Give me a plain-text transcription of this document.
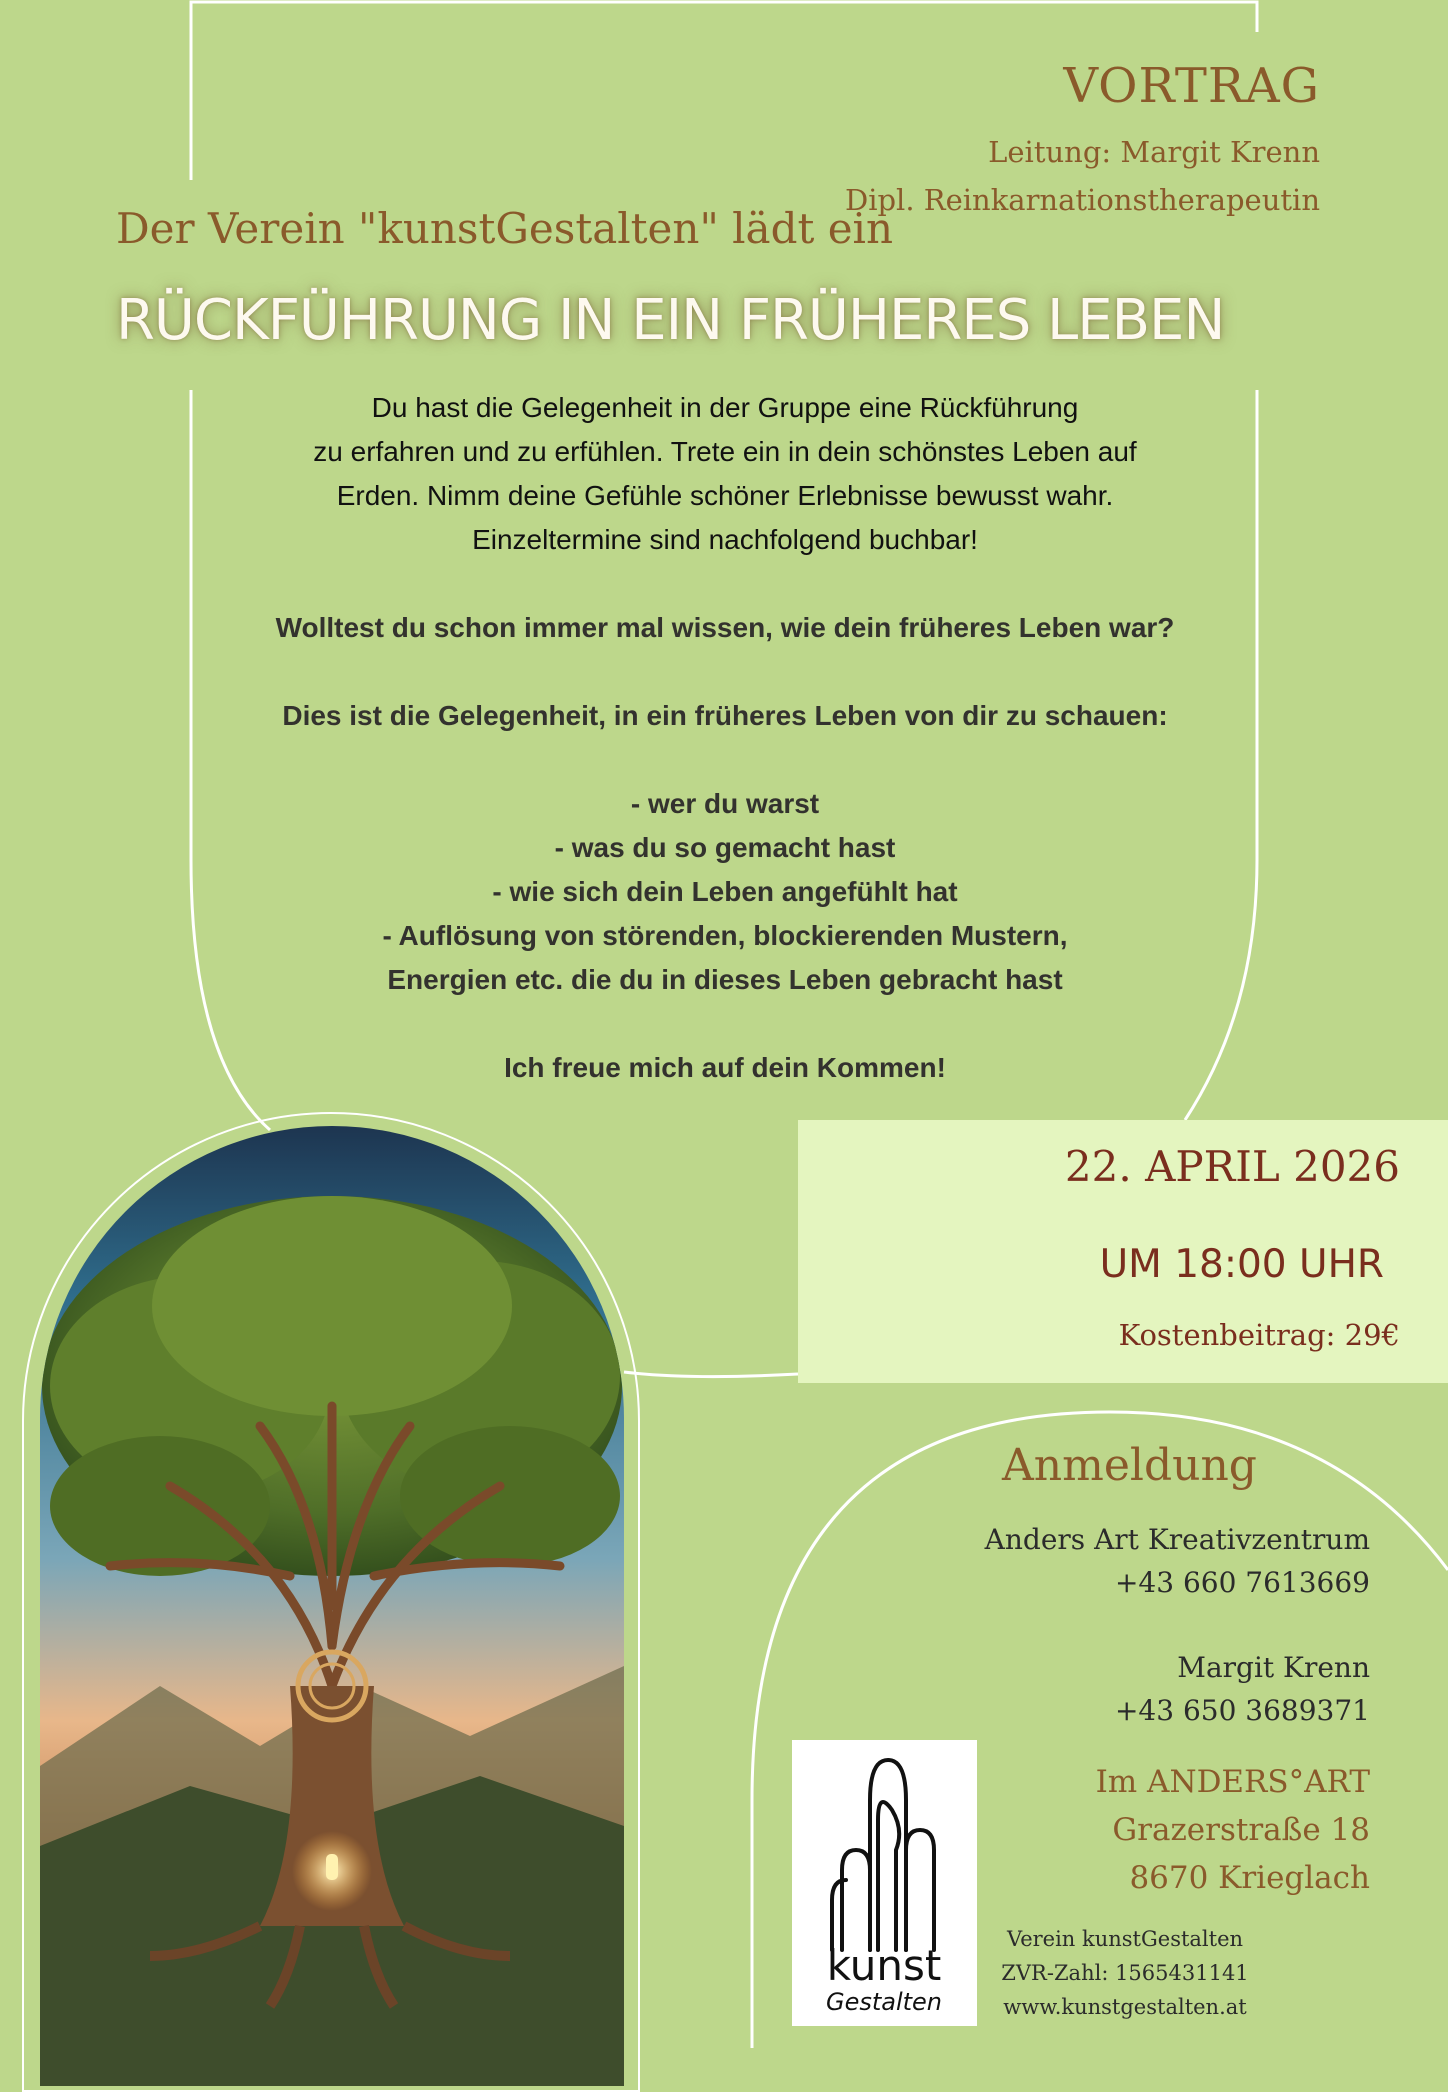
VORTRAG
Leitung: Margit Krenn
Dipl. Reinkarnationstherapeutin
Der Verein "kunstGestalten" lädt ein
RÜCKFÜHRUNG IN EIN FRÜHERES LEBEN

Du hast die Gelegenheit in der Gruppe eine Rückführung

zu erfahren und zu erfühlen. Trete ein in dein schönstes Leben auf

Erden. Nimm deine Gefühle schöner Erlebnisse bewusst wahr.

Einzeltermine sind nachfolgend buchbar!

Wolltest du schon immer mal wissen, wie dein früheres Leben war?

Dies ist die Gelegenheit, in ein früheres Leben von dir zu schauen:

- wer du warst

- was du so gemacht hast

- wie sich dein Leben angefühlt hat

- Auflösung von störenden, blockierenden Mustern,

Energien etc. die du in dieses Leben gebracht hast

Ich freue mich auf dein Kommen!

22. APRIL 2026
UM 18:00 UHR
Kostenbeitrag: 29€
Anmeldung
Anders Art Kreativzentrum
+43 660 7613669
Margit Krenn
+43 650 3689371
Im ANDERS°ART
Grazerstraße 18
8670 Krieglach
kunst
Gestalten
Verein kunstGestalten
ZVR-Zahl: 1565431141
www.kunstgestalten.at
